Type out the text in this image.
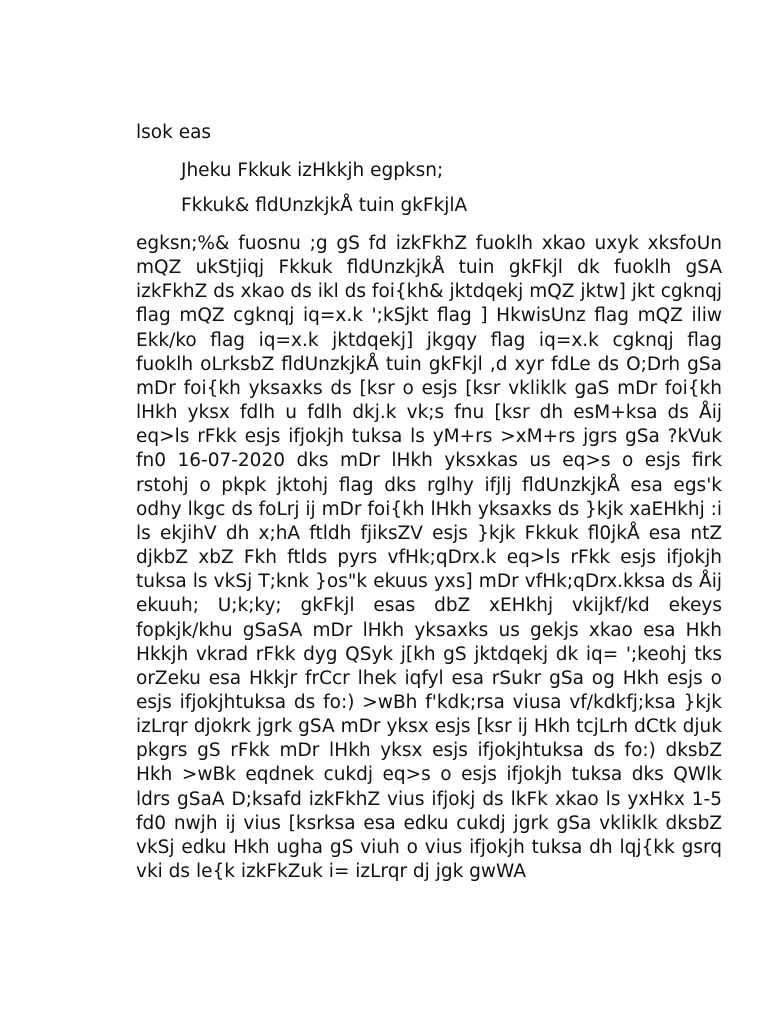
lsok eas
Jheku Fkkuk izHkkjh egpksn;
Fkkuk& fldUnzkjkÅ tuin gkFkjlA

egksn;%& fuosnu ;g gS fd izkFkhZ fuoklh xkao uxyk xksfoUn mQZ ukStjiqj Fkkuk fldUnzkjkÅ tuin gkFkjl dk fuoklh gSA izkFkhZ ds xkao ds ikl ds foi{kh& jktdqekj mQZ jktw] jkt cgknqj flag mQZ cgknqj iq=x.k ';kSjkt flag ] HkwisUnz flag mQZ iliw Ekk/ko flag iq=x.k jktdqekj] jkgqy flag iq=x.k cgknqj flag fuoklh oLrksbZ fldUnzkjkÅ tuin gkFkjl ,d xyr fdLe ds O;Drh gSa mDr foi{kh yksaxks ds [ksr o esjs [ksr vkliklk gaS mDr foi{kh lHkh yksx fdlh u fdlh dkj.k vk;s fnu [ksr dh esM+ksa ds Åij eq>ls rFkk esjs ifjokjh tuksa ls yM+rs >xM+rs jgrs gSa ?kVuk fn0 16-07-2020 dks mDr lHkh yksxkas us eq>s o esjs firk rstohj o pkpk jktohj flag dks rglhy ifjlj fldUnzkjkÅ esa egs'k odhy lkgc ds foLrj ij mDr foi{kh lHkh yksaxks ds }kjk xaEHkhj :i ls ekjihV dh x;hA ftldh fjiksZV esjs }kjk Fkkuk fl0jkÅ esa ntZ djkbZ xbZ Fkh ftlds pyrs vfHk;qDrx.k eq>ls rFkk esjs ifjokjh tuksa ls vkSj T;knk }os"k ekuus yxs] mDr vfHk;qDrx.kksa ds Åij ekuuh; U;k;ky; gkFkjl esas dbZ xEHkhj vkijkf/kd ekeys fopkjk/khu gSaSA mDr lHkh yksaxks us gekjs xkao esa Hkh Hkkjh vkrad rFkk dyg QSyk j[kh gS jktdqekj dk iq= ';keohj tks orZeku esa Hkkjr frCcr lhek iqfyl esa rSukr gSa og Hkh esjs o esjs ifjokjhtuksa ds fo:) >wBh f'kdk;rsa viusa vf/kdkfj;ksa }kjk izLrqr djokrk jgrk gSA mDr yksx esjs [ksr ij Hkh tcjLrh dCtk djuk pkgrs gS rFkk mDr lHkh yksx esjs ifjokjhtuksa ds fo:) dksbZ Hkh >wBk eqdnek cukdj eq>s o esjs ifjokjh tuksa dks QWlk ldrs gSaA D;ksafd izkFkhZ vius ifjokj ds lkFk xkao ls yxHkx 1-5 fd0 nwjh ij vius [ksrksa esa edku cukdj jgrk gSa vkliklk dksbZ vkSj edku Hkh ugha gS viuh o vius ifjokjh tuksa dh lqj{kk gsrq vki ds le{k izkFkZuk i= izLrqr dj jgk gwWA
